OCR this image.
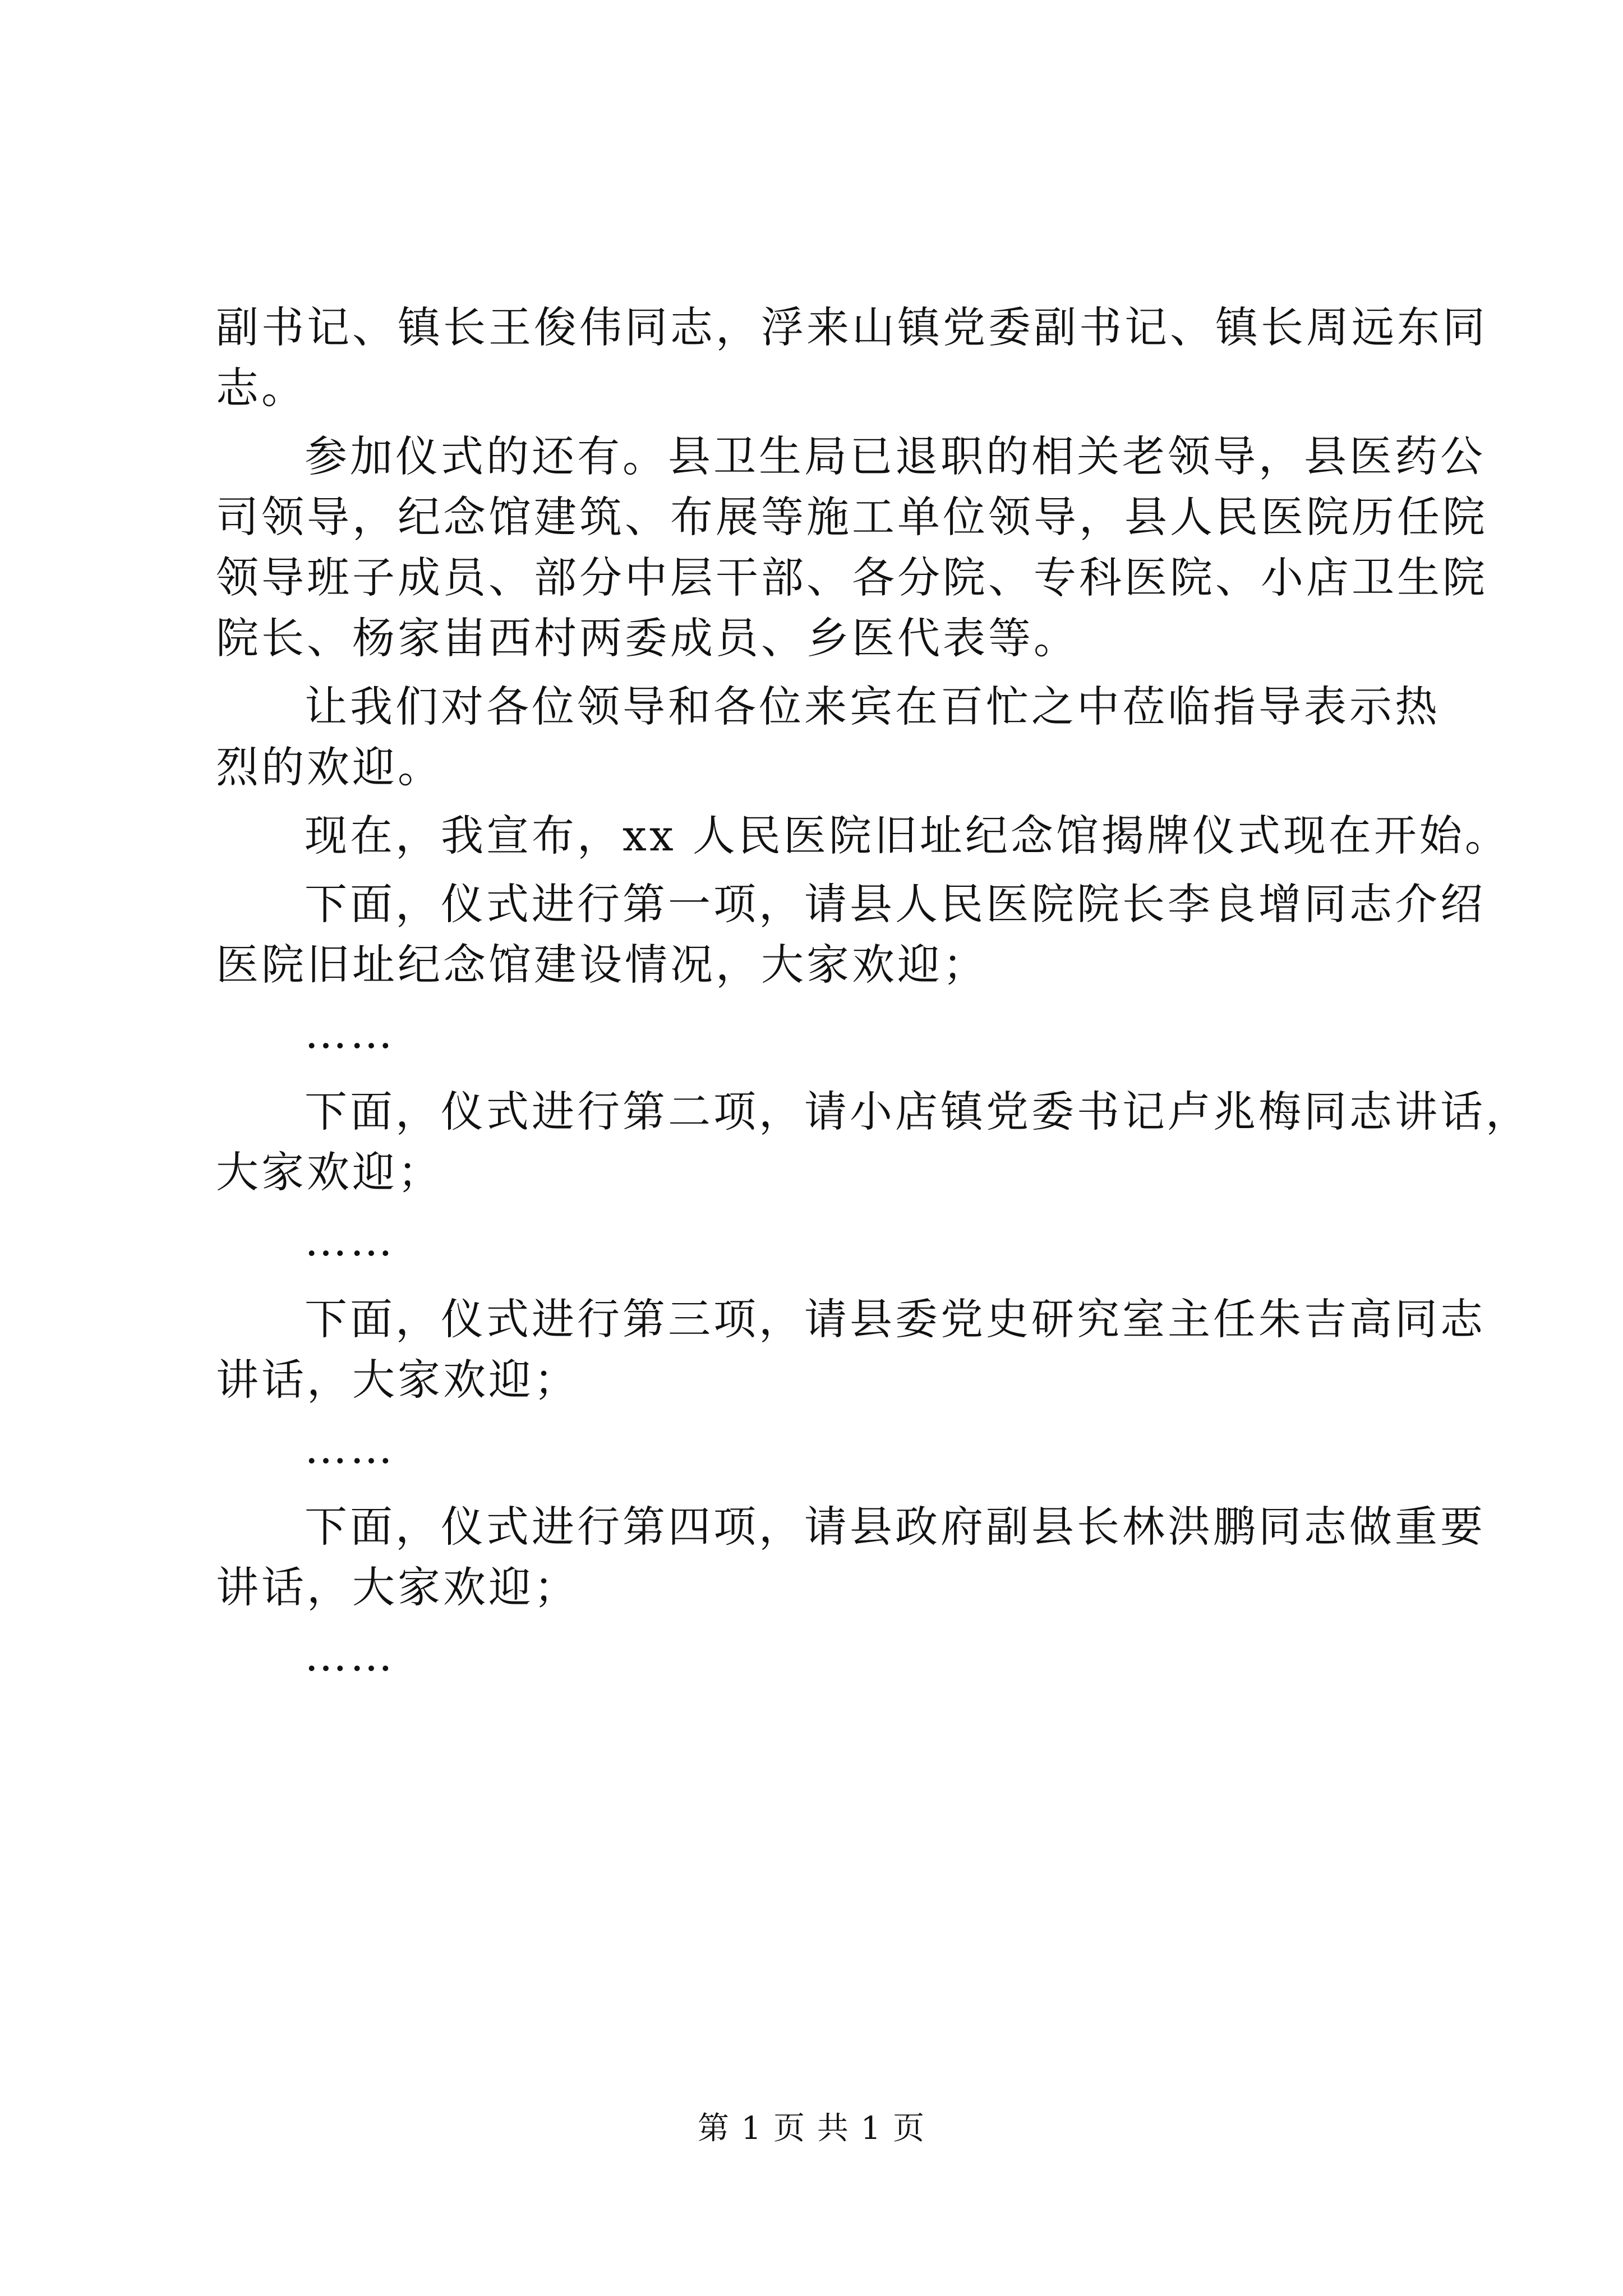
副书记、镇长王俊伟同志，浮来山镇党委副书记、镇长周远东同

志。

参加仪式的还有。县卫生局已退职的相关老领导，县医药公

司领导，纪念馆建筑、布展等施工单位领导，县人民医院历任院

领导班子成员、部分中层干部、各分院、专科医院、小店卫生院

院长、杨家峀西村两委成员、乡医代表等。

让我们对各位领导和各位来宾在百忙之中莅临指导表示热

烈的欢迎。

现在，我宣布，xx 人民医院旧址纪念馆揭牌仪式现在开始。

下面，仪式进行第一项，请县人民医院院长李良增同志介绍

医院旧址纪念馆建设情况，大家欢迎；

……

下面，仪式进行第二项，请小店镇党委书记卢兆梅同志讲话，

大家欢迎；

……

下面，仪式进行第三项，请县委党史研究室主任朱吉高同志

讲话，大家欢迎；

……

下面，仪式进行第四项，请县政府副县长林洪鹏同志做重要

讲话，大家欢迎；

……

第 1 页 共 1 页
